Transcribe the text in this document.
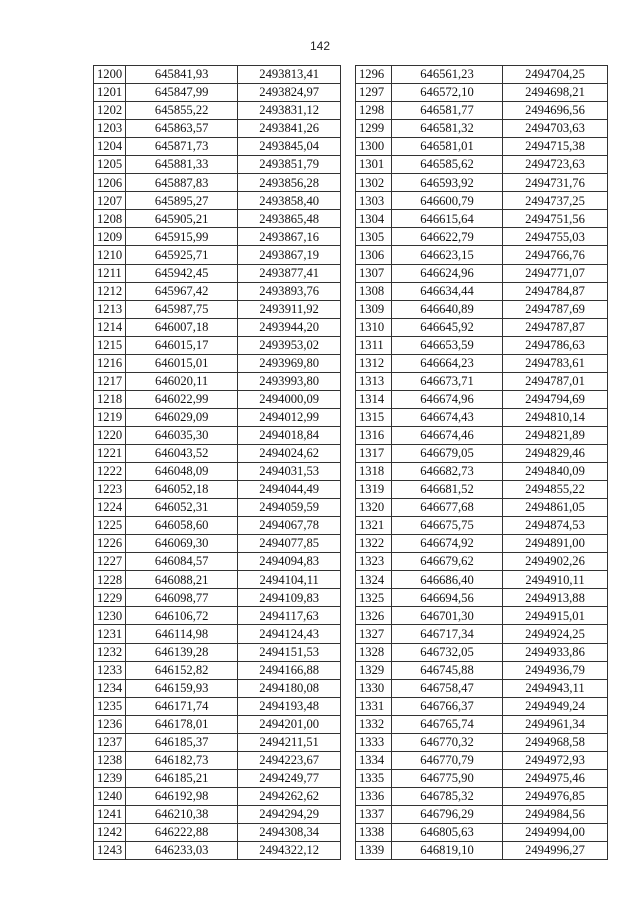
142
1200	645841,93	2493813,41
1201	645847,99	2493824,97
1202	645855,22	2493831,12
1203	645863,57	2493841,26
1204	645871,73	2493845,04
1205	645881,33	2493851,79
1206	645887,83	2493856,28
1207	645895,27	2493858,40
1208	645905,21	2493865,48
1209	645915,99	2493867,16
1210	645925,71	2493867,19
1211	645942,45	2493877,41
1212	645967,42	2493893,76
1213	645987,75	2493911,92
1214	646007,18	2493944,20
1215	646015,17	2493953,02
1216	646015,01	2493969,80
1217	646020,11	2493993,80
1218	646022,99	2494000,09
1219	646029,09	2494012,99
1220	646035,30	2494018,84
1221	646043,52	2494024,62
1222	646048,09	2494031,53
1223	646052,18	2494044,49
1224	646052,31	2494059,59
1225	646058,60	2494067,78
1226	646069,30	2494077,85
1227	646084,57	2494094,83
1228	646088,21	2494104,11
1229	646098,77	2494109,83
1230	646106,72	2494117,63
1231	646114,98	2494124,43
1232	646139,28	2494151,53
1233	646152,82	2494166,88
1234	646159,93	2494180,08
1235	646171,74	2494193,48
1236	646178,01	2494201,00
1237	646185,37	2494211,51
1238	646182,73	2494223,67
1239	646185,21	2494249,77
1240	646192,98	2494262,62
1241	646210,38	2494294,29
1242	646222,88	2494308,34
1243	646233,03	2494322,12
1296	646561,23	2494704,25
1297	646572,10	2494698,21
1298	646581,77	2494696,56
1299	646581,32	2494703,63
1300	646581,01	2494715,38
1301	646585,62	2494723,63
1302	646593,92	2494731,76
1303	646600,79	2494737,25
1304	646615,64	2494751,56
1305	646622,79	2494755,03
1306	646623,15	2494766,76
1307	646624,96	2494771,07
1308	646634,44	2494784,87
1309	646640,89	2494787,69
1310	646645,92	2494787,87
1311	646653,59	2494786,63
1312	646664,23	2494783,61
1313	646673,71	2494787,01
1314	646674,96	2494794,69
1315	646674,43	2494810,14
1316	646674,46	2494821,89
1317	646679,05	2494829,46
1318	646682,73	2494840,09
1319	646681,52	2494855,22
1320	646677,68	2494861,05
1321	646675,75	2494874,53
1322	646674,92	2494891,00
1323	646679,62	2494902,26
1324	646686,40	2494910,11
1325	646694,56	2494913,88
1326	646701,30	2494915,01
1327	646717,34	2494924,25
1328	646732,05	2494933,86
1329	646745,88	2494936,79
1330	646758,47	2494943,11
1331	646766,37	2494949,24
1332	646765,74	2494961,34
1333	646770,32	2494968,58
1334	646770,79	2494972,93
1335	646775,90	2494975,46
1336	646785,32	2494976,85
1337	646796,29	2494984,56
1338	646805,63	2494994,00
1339	646819,10	2494996,27
